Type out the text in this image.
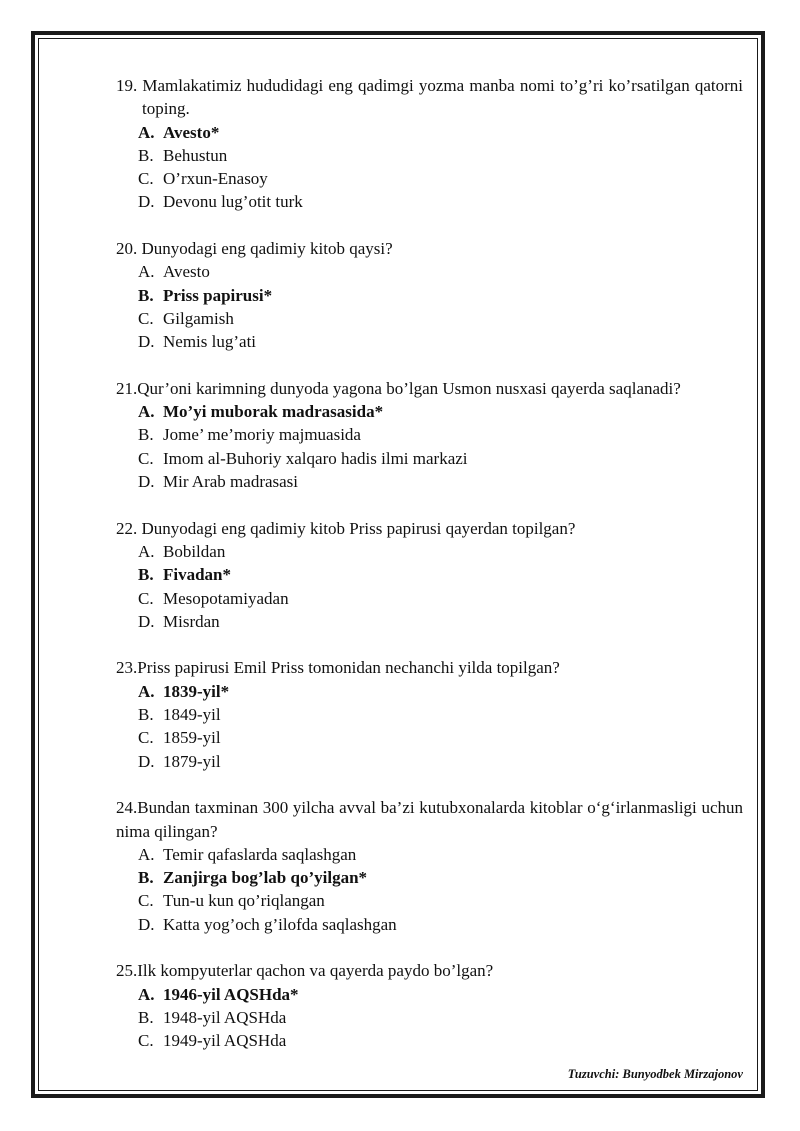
19. Mamlakatimiz hududidagi eng qadimgi yozma manba nomi to’g’ri ko’rsatilgan qatorni toping.
A. Avesto*
B. Behustun
C. O’rxun-Enasoy
D. Devonu lug’otit turk
20. Dunyodagi eng qadimiy kitob qaysi?
A. Avesto
B. Priss papirusi*
C. Gilgamish
D. Nemis lug’ati
21.Qur’oni karimning dunyoda yagona bo’lgan Usmon nusxasi qayerda saqlanadi?
A. Mo’yi muborak madrasasida*
B. Jome’ me’moriy majmuasida
C. Imom al-Buhoriy xalqaro hadis ilmi markazi
D. Mir Arab madrasasi
22. Dunyodagi eng qadimiy kitob Priss papirusi qayerdan topilgan?
A. Bobildan
B. Fivadan*
C. Mesopotamiyadan
D. Misrdan
23.Priss papirusi Emil Priss tomonidan nechanchi yilda topilgan?
A. 1839-yil*
B. 1849-yil
C. 1859-yil
D. 1879-yil
24.Bundan taxminan 300 yilcha avval ba’zi kutubxonalarda kitoblar o‘g‘irlanmasligi uchun nima qilingan?
A. Temir qafaslarda saqlashgan
B. Zanjirga bog’lab qo’yilgan*
C. Tun-u kun qo’riqlangan
D. Katta yog’och g’ilofda saqlashgan
25.Ilk kompyuterlar qachon va qayerda paydo bo’lgan?
A. 1946-yil AQSHda*
B. 1948-yil AQSHda
C. 1949-yil AQSHda
Tuzuvchi: Bunyodbek Mirzajonov
